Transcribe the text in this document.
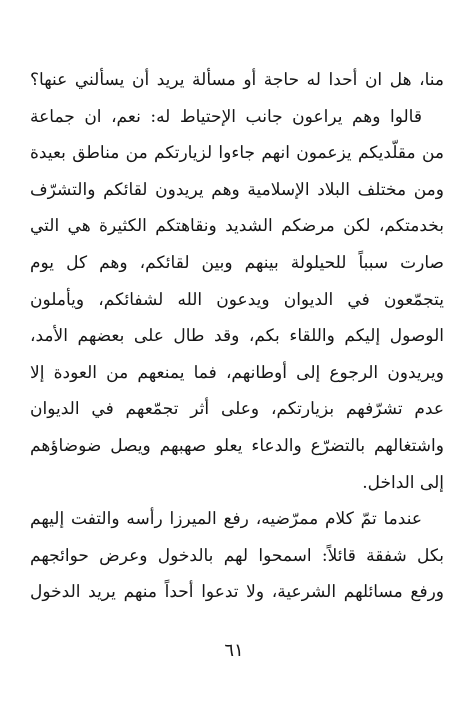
منا، هل ان أحدا له حاجة أو مسألة يريد أن يسألني عنها؟
قالوا وهم يراعون جانب الإحتياط له: نعم، ان جماعة
من مقلّديكم يزعمون انهم جاءوا لزيارتكم من مناطق بعيدة
ومن مختلف البلاد الإسلامية وهم يريدون لقائكم والتشرّف
بخدمتكم، لكن مرضكم الشديد ونقاهتكم الكثيرة هي التي
صارت سبباً للحيلولة بينهم وبين لقائكم، وهم كل يوم
يتجمّعون في الديوان ويدعون الله لشفائكم، ويأملون
الوصول إليكم واللقاء بكم، وقد طال على بعضهم الأمد،
ويريدون الرجوع إلى أوطانهم، فما يمنعهم من العودة إلا
عدم تشرّفهم بزيارتكم، وعلى أثر تجمّعهم في الديوان
واشتغالهم بالتضرّع والدعاء يعلو صهبهم ويصل ضوضاؤهم
إلى الداخل.
عندما تمّ كلام ممرّضيه، رفع الميرزا رأسه والتفت إليهم
بكل شفقة قائلاً: اسمحوا لهم بالدخول وعرض حوائجهم
ورفع مسائلهم الشرعية، ولا تدعوا أحداً منهم يريد الدخول
٦١
